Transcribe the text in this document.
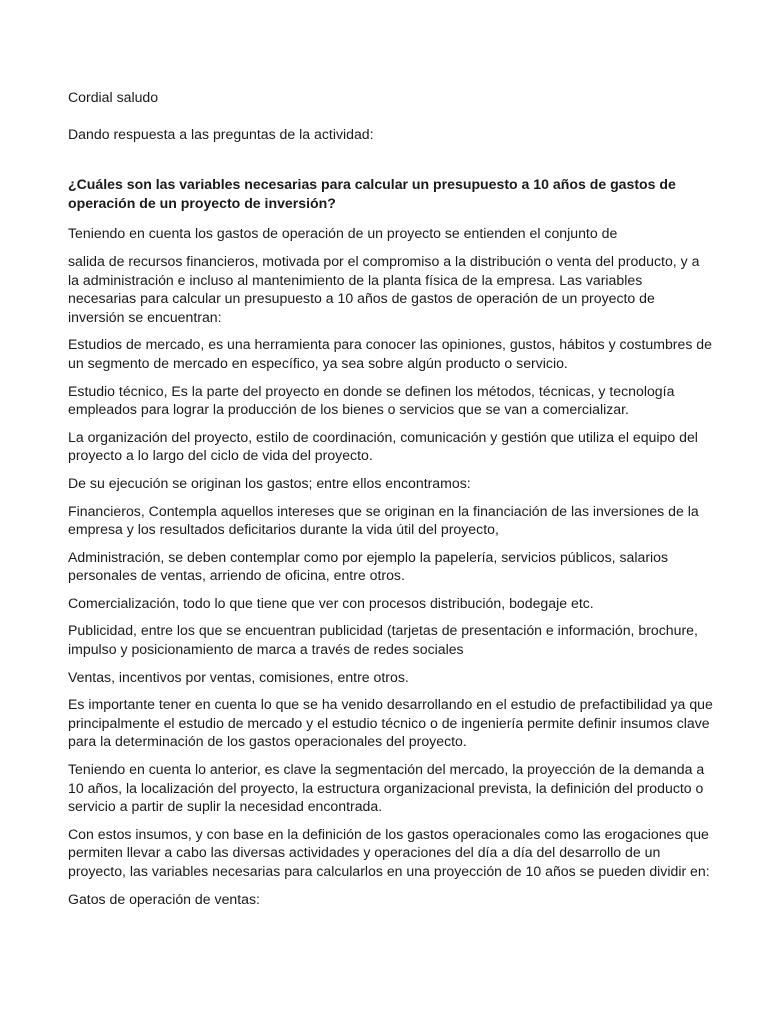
Cordial saludo

Dando respuesta a las preguntas de la actividad:

¿Cuáles son las variables necesarias para calcular un presupuesto a 10 años de gastos de
operación de un proyecto de inversión?

Teniendo en cuenta los gastos de operación de un proyecto se entienden el conjunto de

salida de recursos financieros, motivada por el compromiso a la distribución o venta del producto, y a
la administración e incluso al mantenimiento de la planta física de la empresa. Las variables
necesarias para calcular un presupuesto a 10 años de gastos de operación de un proyecto de
inversión se encuentran:

Estudios de mercado, es una herramienta para conocer las opiniones, gustos, hábitos y costumbres de
un segmento de mercado en específico, ya sea sobre algún producto o servicio.

Estudio técnico, Es la parte del proyecto en donde se definen los métodos, técnicas, y tecnología
empleados para lograr la producción de los bienes o servicios que se van a comercializar.

La organización del proyecto, estilo de coordinación, comunicación y gestión que utiliza el equipo del
proyecto a lo largo del ciclo de vida del proyecto.

De su ejecución se originan los gastos; entre ellos encontramos:

Financieros, Contempla aquellos intereses que se originan en la financiación de las inversiones de la
empresa y los resultados deficitarios durante la vida útil del proyecto,

Administración, se deben contemplar como por ejemplo la papelería, servicios públicos, salarios
personales de ventas, arriendo de oficina, entre otros.

Comercialización, todo lo que tiene que ver con procesos distribución, bodegaje etc.

Publicidad, entre los que se encuentran publicidad (tarjetas de presentación e información, brochure,
impulso y posicionamiento de marca a través de redes sociales

Ventas, incentivos por ventas, comisiones, entre otros.

Es importante tener en cuenta lo que se ha venido desarrollando en el estudio de prefactibilidad ya que
principalmente el estudio de mercado y el estudio técnico o de ingeniería permite definir insumos clave
para la determinación de los gastos operacionales del proyecto.

Teniendo en cuenta lo anterior, es clave la segmentación del mercado, la proyección de la demanda a
10 años, la localización del proyecto, la estructura organizacional prevista, la definición del producto o
servicio a partir de suplir la necesidad encontrada.

Con estos insumos, y con base en la definición de los gastos operacionales como las erogaciones que
permiten llevar a cabo las diversas actividades y operaciones del día a día del desarrollo de un
proyecto, las variables necesarias para calcularlos en una proyección de 10 años se pueden dividir en:

Gatos de operación de ventas:
